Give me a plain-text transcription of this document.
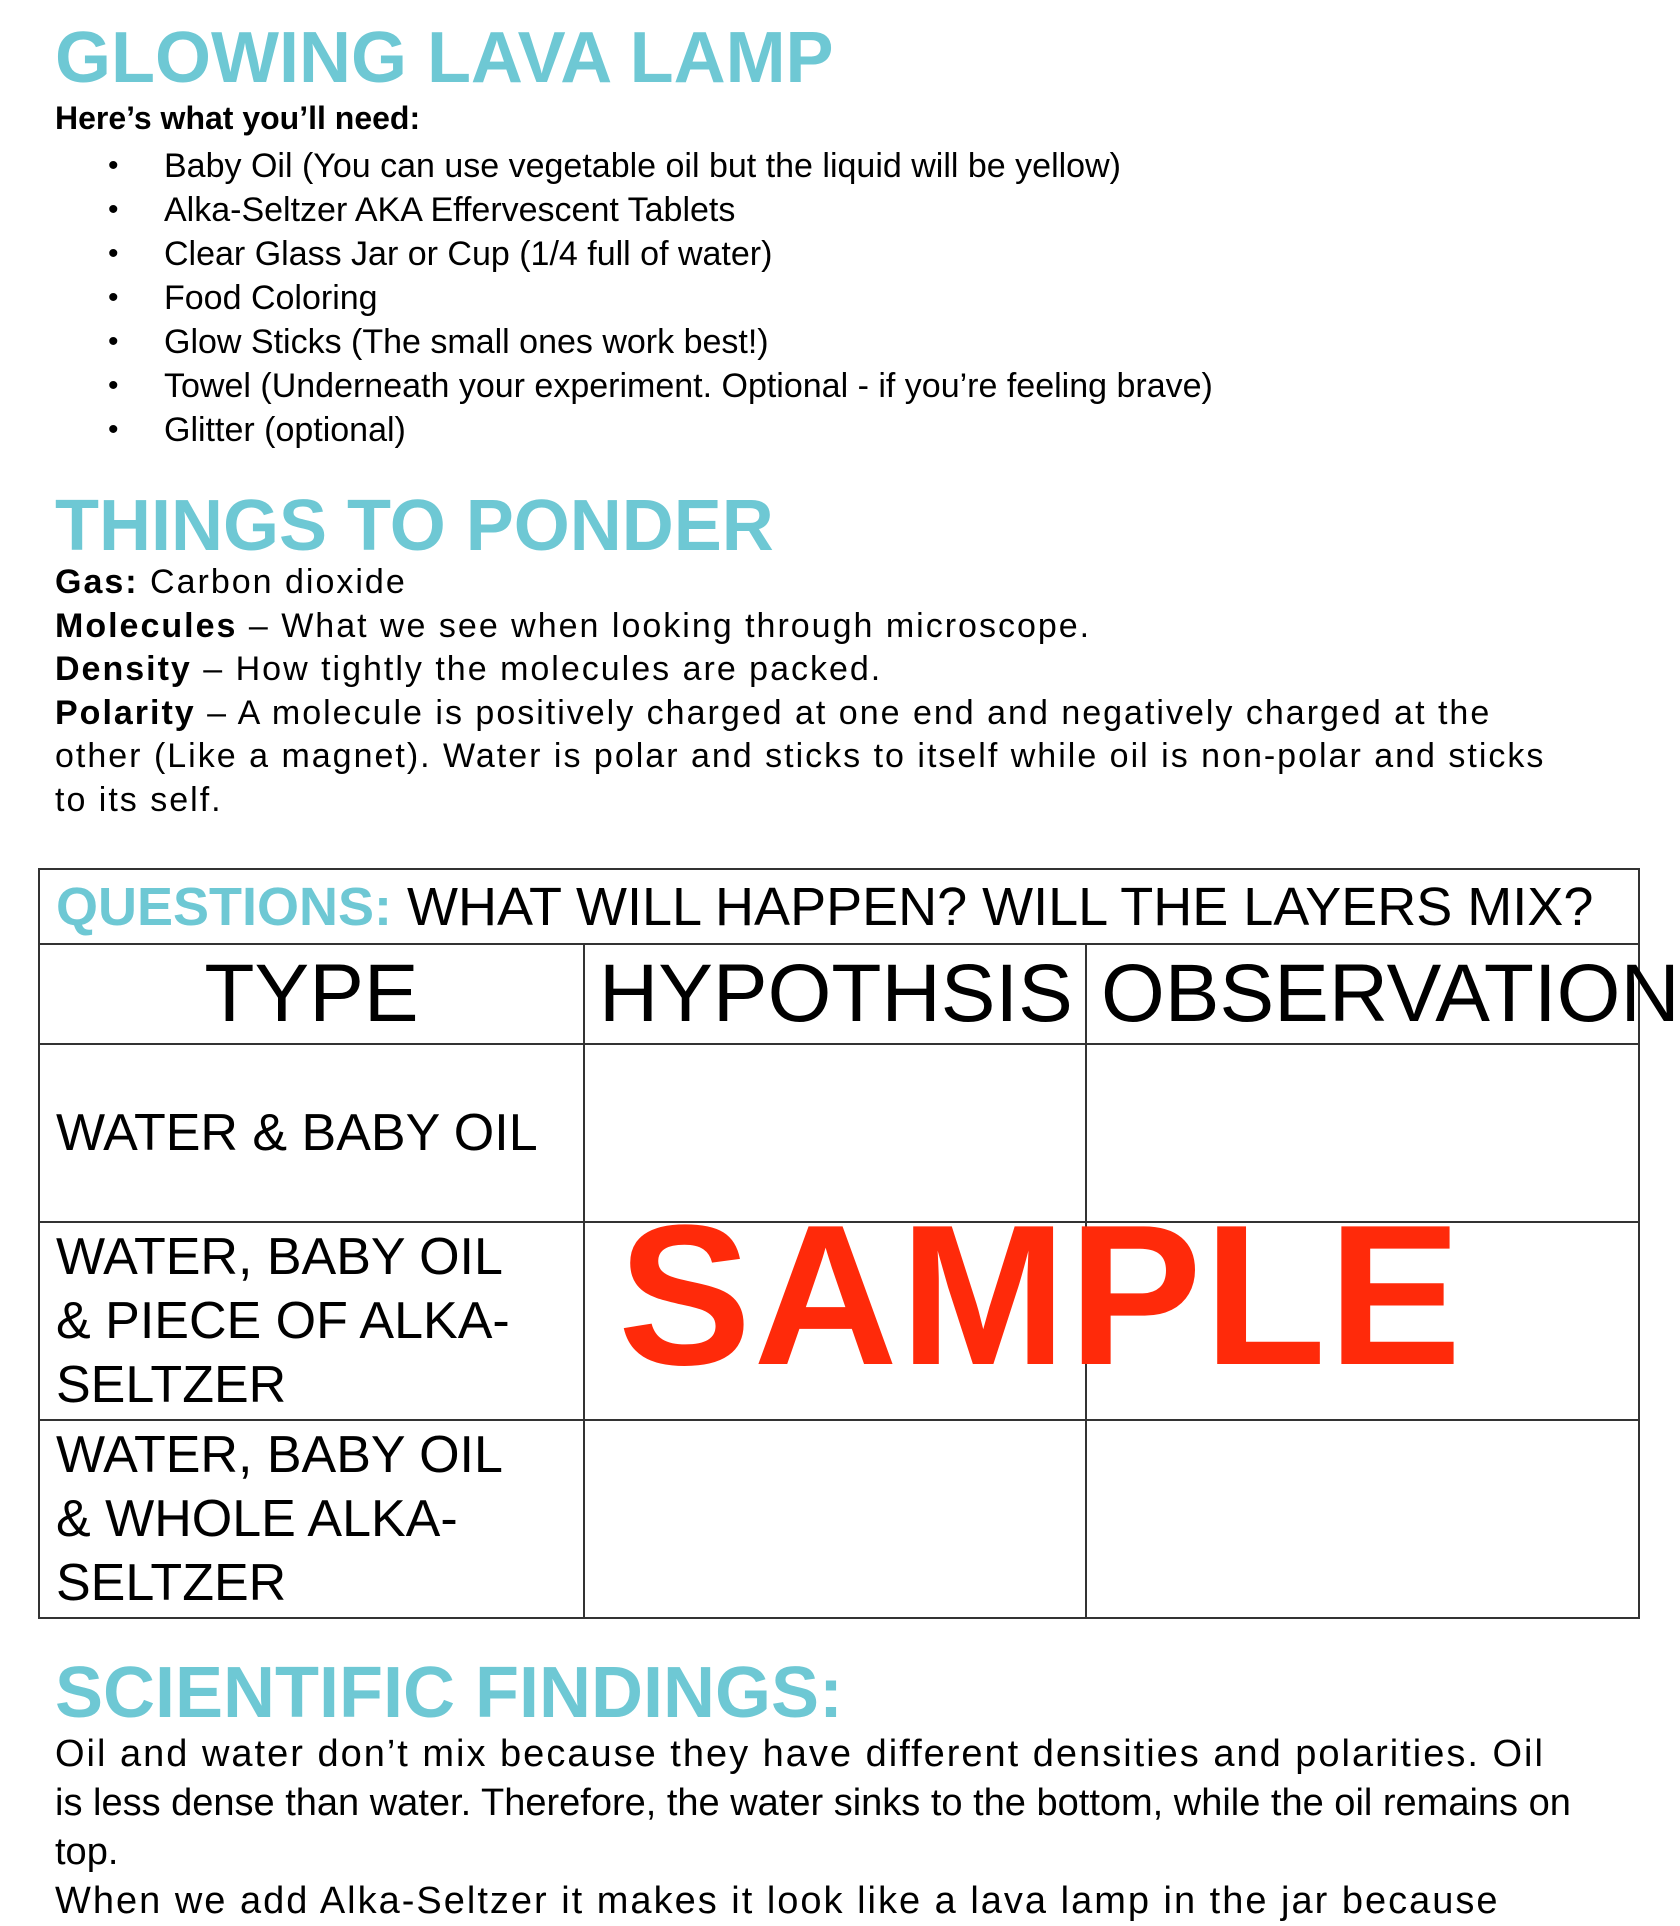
GLOWING LAVA LAMP
Here’s what you’ll need:
• Baby Oil (You can use vegetable oil but the liquid will be yellow)
• Alka-Seltzer AKA Effervescent Tablets
• Clear Glass Jar or Cup (1/4 full of water)
• Food Coloring
• Glow Sticks (The small ones work best!)
• Towel (Underneath your experiment. Optional - if you’re feeling brave)
• Glitter (optional)
THINGS TO PONDER
Gas: Carbon dioxide
Molecules – What we see when looking through microscope.
Density – How tightly the molecules are packed.
Polarity – A molecule is positively charged at one end and negatively charged at the
other (Like a magnet). Water is polar and sticks to itself while oil is non-polar and sticks
to its self.
QUESTIONS: WHAT WILL HAPPEN? WILL THE LAYERS MIX?		
TYPE	HYPOTHSIS	OBSERVATION
WATER & BABY OIL		

WATER, BABY OIL
& PIECE OF ALKA-
SELTZER		

WATER, BABY OIL
& WHOLE ALKA-
SELTZER		

SAMPLE
SCIENTIFIC FINDINGS:

Oil and water don’t mix because they have different densities and polarities. Oil

is less dense than water. Therefore, the water sinks to the bottom, while the oil remains on

top.

When we add Alka-Seltzer it makes it look like a lava lamp in the jar because
